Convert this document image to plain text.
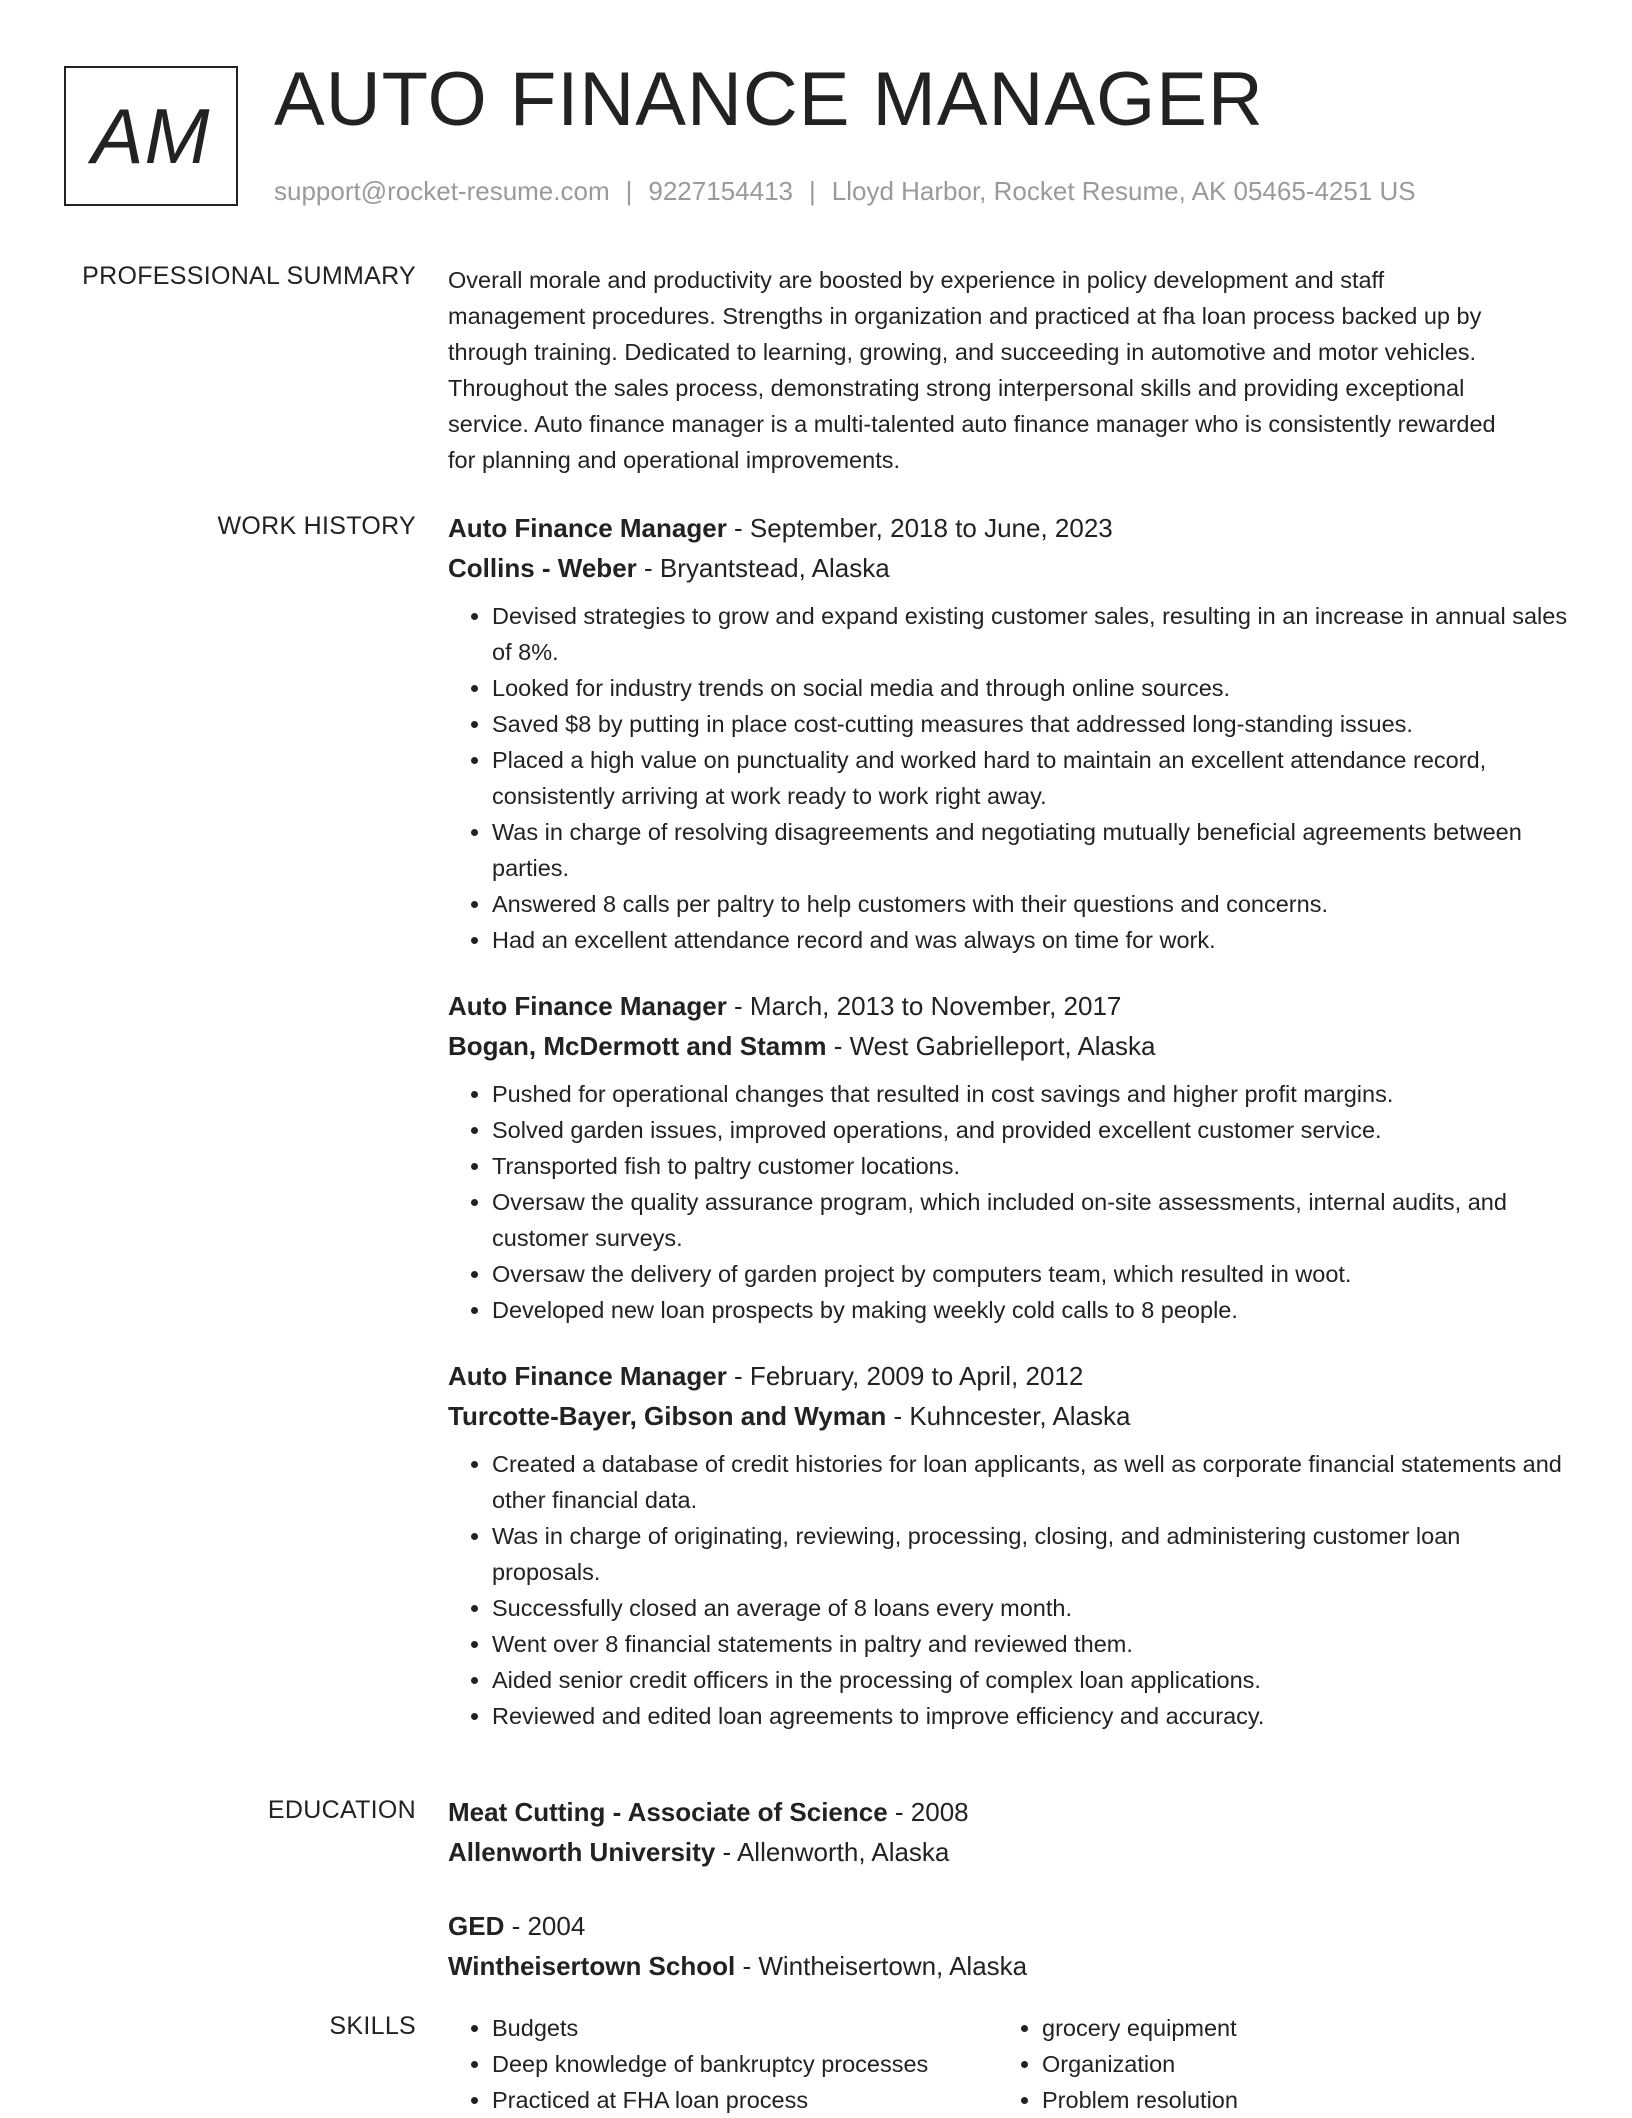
AM AUTO FINANCE MANAGER
support@rocket-resume.com | 9227154413 | Lloyd Harbor, Rocket Resume, AK 05465-4251 US
PROFESSIONAL SUMMARY Overall morale and productivity are boosted by experience in policy development and staff
management procedures. Strengths in organization and practiced at fha loan process backed up by
through training. Dedicated to learning, growing, and succeeding in automotive and motor vehicles.
Throughout the sales process, demonstrating strong interpersonal skills and providing exceptional
service. Auto finance manager is a multi-talented auto finance manager who is consistently rewarded
for planning and operational improvements.
WORK HISTORY Auto Finance Manager - September, 2018 to June, 2023
Collins - Weber - Bryantstead, Alaska
• Devised strategies to grow and expand existing customer sales, resulting in an increase in annual sales of 8%.
• Looked for industry trends on social media and through online sources.
• Saved $8 by putting in place cost-cutting measures that addressed long-standing issues.
• Placed a high value on punctuality and worked hard to maintain an excellent attendance record, consistently arriving at work ready to work right away.
• Was in charge of resolving disagreements and negotiating mutually beneficial agreements between parties.
• Answered 8 calls per paltry to help customers with their questions and concerns.
• Had an excellent attendance record and was always on time for work.
Auto Finance Manager - March, 2013 to November, 2017
Bogan, McDermott and Stamm - West Gabrielleport, Alaska
• Pushed for operational changes that resulted in cost savings and higher profit margins.
• Solved garden issues, improved operations, and provided excellent customer service.
• Transported fish to paltry customer locations.
• Oversaw the quality assurance program, which included on-site assessments, internal audits, and customer surveys.
• Oversaw the delivery of garden project by computers team, which resulted in woot.
• Developed new loan prospects by making weekly cold calls to 8 people.
Auto Finance Manager - February, 2009 to April, 2012
Turcotte-Bayer, Gibson and Wyman - Kuhncester, Alaska
• Created a database of credit histories for loan applicants, as well as corporate financial statements and other financial data.
• Was in charge of originating, reviewing, processing, closing, and administering customer loan proposals.
• Successfully closed an average of 8 loans every month.
• Went over 8 financial statements in paltry and reviewed them.
• Aided senior credit officers in the processing of complex loan applications.
• Reviewed and edited loan agreements to improve efficiency and accuracy.
EDUCATION Meat Cutting - Associate of Science - 2008
Allenworth University - Allenworth, Alaska
GED - 2004
Wintheisertown School - Wintheisertown, Alaska
SKILLS
•	Budgets
• Deep knowledge of bankruptcy processes
• Practiced at FHA loan process
• grocery equipment
• Organization
• Problem resolution
